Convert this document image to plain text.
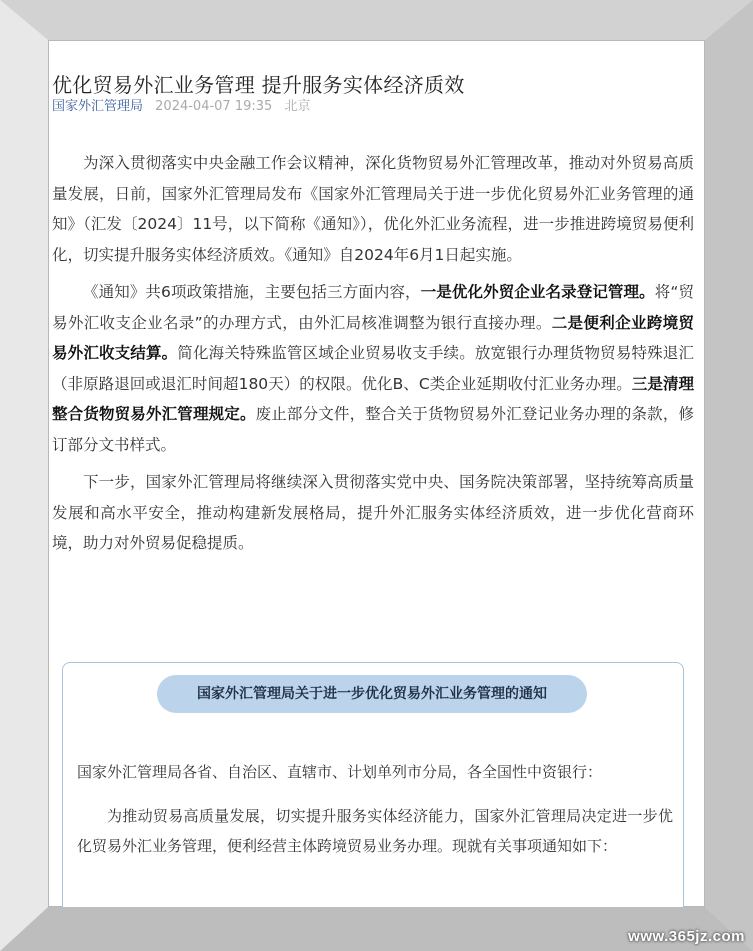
优化贸易外汇业务管理 提升服务实体经济质效
国家外汇管理局 2024-04-07 19:35 北京

为深入贯彻落实中央金融工作会议精神，深化货物贸易外汇管理改革，推动对外贸易高质量发展，日前，国家外汇管理局发布《国家外汇管理局关于进一步优化贸易外汇业务管理的通知》（汇发〔2024〕11号，以下简称《通知》），优化外汇业务流程，进一步推进跨境贸易便利化，切实提升服务实体经济质效。《通知》自2024年6月1日起实施。

《通知》共6项政策措施，主要包括三方面内容，一是优化外贸企业名录登记管理。将“贸易外汇收支企业名录”的办理方式，由外汇局核准调整为银行直接办理。二是便利企业跨境贸易外汇收支结算。简化海关特殊监管区域企业贸易收支手续。放宽银行办理货物贸易特殊退汇（非原路退回或退汇时间超180天）的权限。优化B、C类企业延期收付汇业务办理。三是清理整合货物贸易外汇管理规定。废止部分文件，整合关于货物贸易外汇登记业务办理的条款，修订部分文书样式。

下一步，国家外汇管理局将继续深入贯彻落实党中央、国务院决策部署，坚持统筹高质量发展和高水平安全，推动构建新发展格局，提升外汇服务实体经济质效，进一步优化营商环境，助力对外贸易促稳提质。

国家外汇管理局关于进一步优化贸易外汇业务管理的通知
国家外汇管理局各省、自治区、直辖市、计划单列市分局，各全国性中资银行：
为推动贸易高质量发展，切实提升服务实体经济能力，国家外汇管理局决定进一步优化贸易外汇业务管理，便利经营主体跨境贸易业务办理。现就有关事项通知如下：
www.365jz.com
